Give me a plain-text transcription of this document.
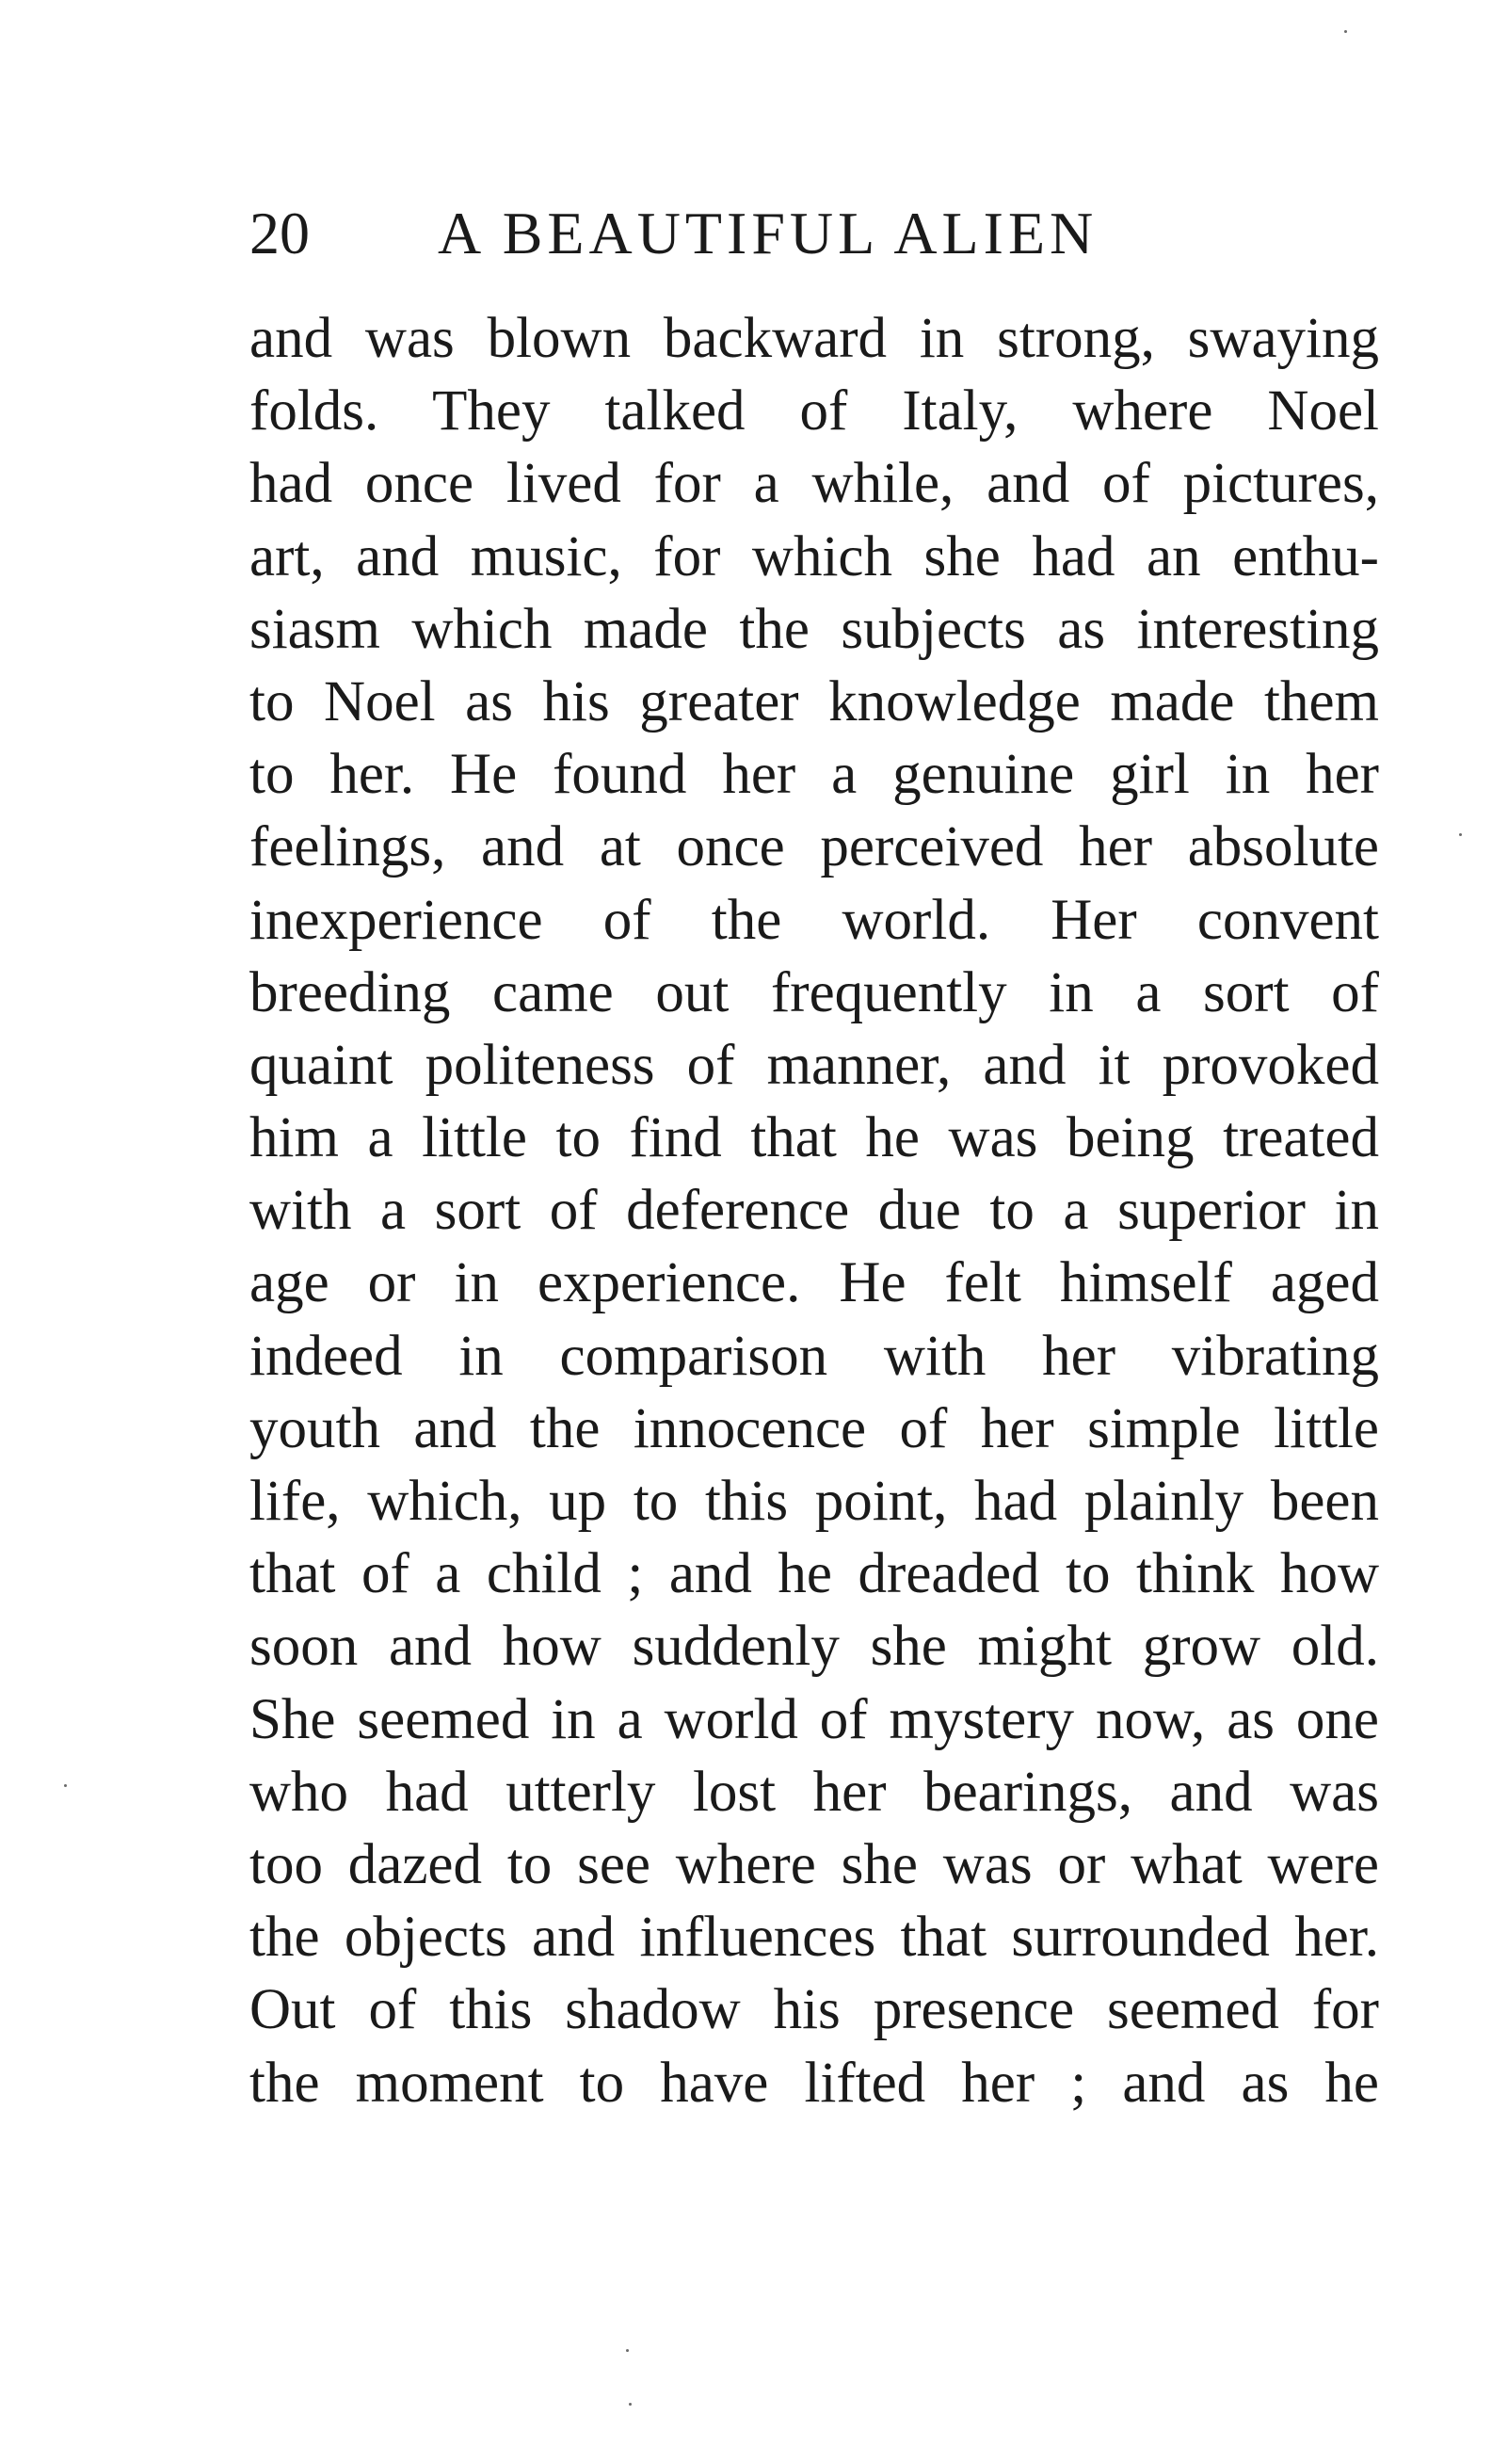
20 A BEAUTIFUL ALIEN
and was blown backward in strong, swaying
folds. They talked of Italy, where Noel
had once lived for a while, and of pictures,
art, and music, for which she had an enthu-
siasm which made the subjects as interesting
to Noel as his greater knowledge made them
to her. He found her a genuine girl in her
feelings, and at once perceived her absolute
inexperience of the world. Her convent
breeding came out frequently in a sort of
quaint politeness of manner, and it provoked
him a little to find that he was being treated
with a sort of deference due to a superior in
age or in experience. He felt himself aged
indeed in comparison with her vibrating
youth and the innocence of her simple little
life, which, up to this point, had plainly been
that of a child ; and he dreaded to think how
soon and how suddenly she might grow old.
She seemed in a world of mystery now, as one
who had utterly lost her bearings, and was
too dazed to see where she was or what were
the objects and influences that surrounded her.
Out of this shadow his presence seemed for
the moment to have lifted her ; and as he
